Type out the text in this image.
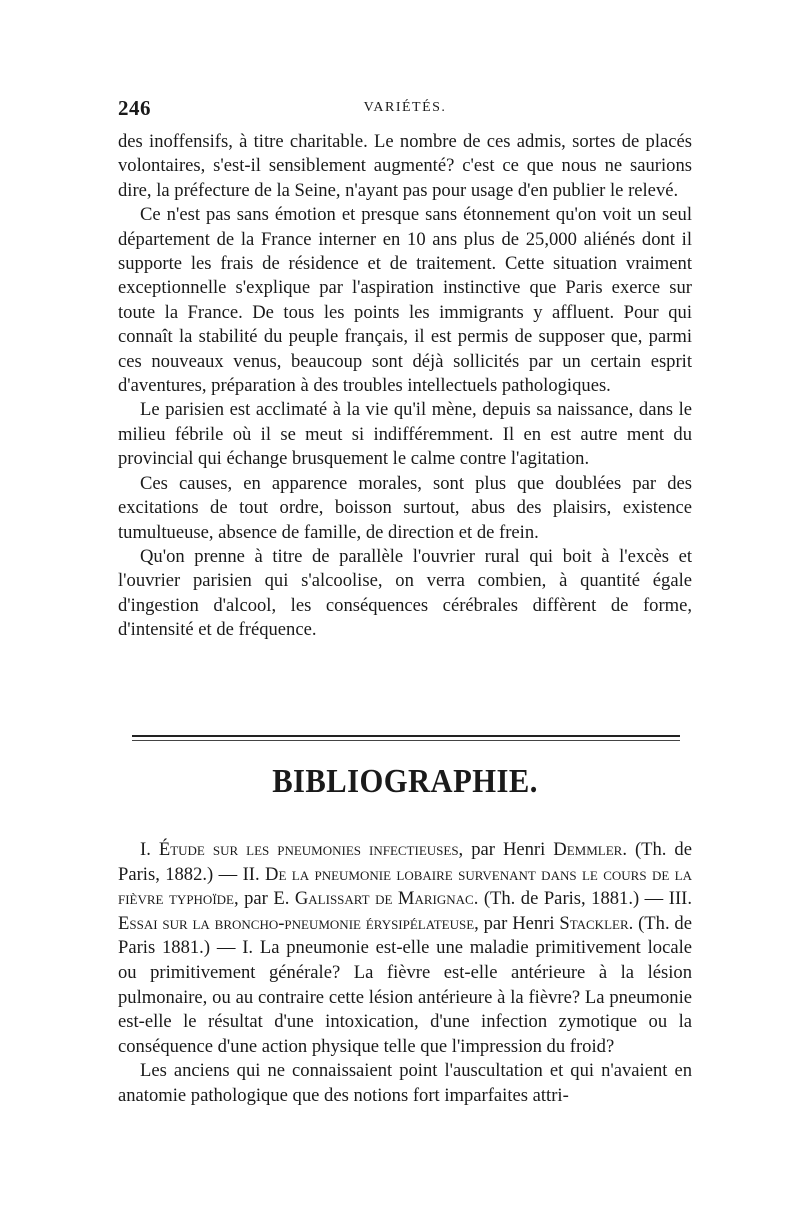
246	VARIÉTÉS.

des inoffensifs, à titre charitable. Le nombre de ces admis, sortes de placés volontaires, s'est-il sensiblement augmenté? c'est ce que nous ne saurions dire, la préfecture de la Seine, n'ayant pas pour usage d'en publier le relevé.

Ce n'est pas sans émotion et presque sans étonnement qu'on voit un seul département de la France interner en 10 ans plus de 25,000 aliénés dont il supporte les frais de résidence et de traitement. Cette situation vraiment exceptionnelle s'explique par l'aspiration instinctive que Paris exerce sur toute la France. De tous les points les immigrants y affluent. Pour qui connaît la stabilité du peuple français, il est permis de supposer que, parmi ces nouveaux venus, beaucoup sont déjà sollicités par un certain esprit d'aventures, préparation à des troubles intellectuels pathologiques.

Le parisien est acclimaté à la vie qu'il mène, depuis sa naissance, dans le milieu fébrile où il se meut si indifféremment. Il en est autre ment du provincial qui échange brusquement le calme contre l'agitation.

Ces causes, en apparence morales, sont plus que doublées par des excitations de tout ordre, boisson surtout, abus des plaisirs, existence tumultueuse, absence de famille, de direction et de frein.

Qu'on prenne à titre de parallèle l'ouvrier rural qui boit à l'excès et l'ouvrier parisien qui s'alcoolise, on verra combien, à quantité égale d'ingestion d'alcool, les conséquences cérébrales diffèrent de forme, d'intensité et de fréquence.

BIBLIOGRAPHIE.

I. Étude sur les pneumonies infectieuses, par Henri Demmler. (Th. de Paris, 1882.) — II. De la pneumonie lobaire survenant dans le cours de la fièvre typhoïde, par E. Galissart de Marignac. (Th. de Paris, 1881.) — III. Essai sur la broncho-pneumonie érysipélateuse, par Henri Stackler. (Th. de Paris 1881.) — I. La pneumonie est-elle une maladie primitivement locale ou primitivement générale? La fièvre est-elle antérieure à la lésion pulmonaire, ou au contraire cette lésion antérieure à la fièvre? La pneumonie est-elle le résultat d'une intoxication, d'une infection zymotique ou la conséquence d'une action physique telle que l'impression du froid?

Les anciens qui ne connaissaient point l'auscultation et qui n'avaient en anatomie pathologique que des notions fort imparfaites attri-
